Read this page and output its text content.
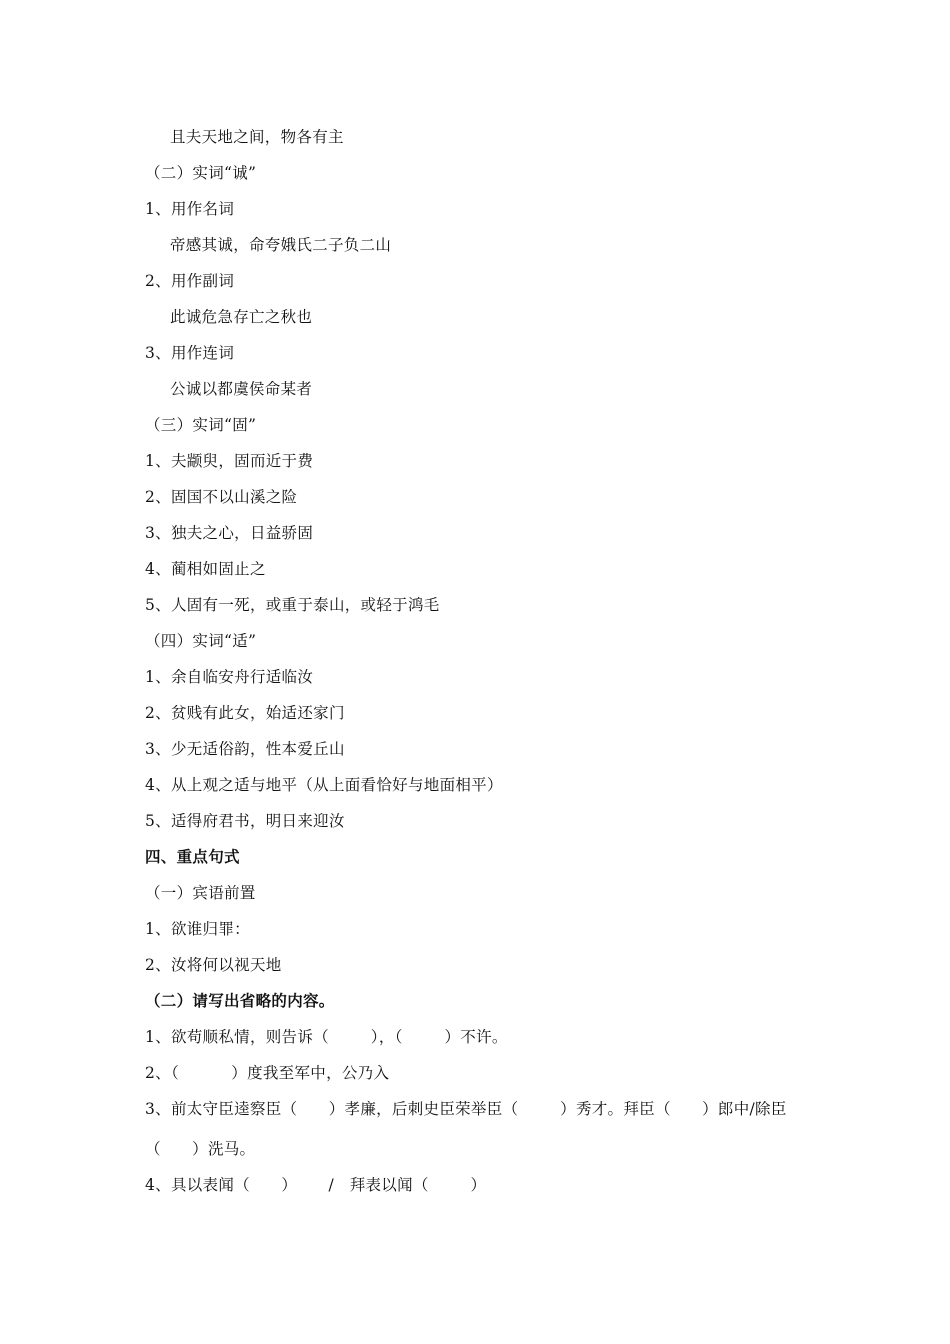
且夫天地之间，物各有主
（二）实词“诚”
1、用作名词
帝感其诚，命夸娥氏二子负二山
2、用作副词
此诚危急存亡之秋也
3、用作连词
公诚以都虞侯命某者
（三）实词“固”
1、夫颛臾，固而近于费
2、固国不以山溪之险
3、独夫之心，日益骄固
4、蔺相如固止之
5、人固有一死，或重于泰山，或轻于鸿毛
（四）实词“适”
1、余自临安舟行适临汝
2、贫贱有此女，始适还家门
3、少无适俗韵，性本爱丘山
4、从上观之适与地平（从上面看恰好与地面相平）
5、适得府君书，明日来迎汝
四、重点句式
（一）宾语前置
1、欲谁归罪：
2、汝将何以视天地
（二）请写出省略的内容。
1、欲苟顺私情，则告诉（        ），（        ）不许。
2、（          ）度我至军中，公乃入
3、前太守臣逵察臣（      ）孝廉，后刺史臣荣举臣（        ）秀才。拜臣（      ）郎中/除臣
（      ）洗马。
4、具以表闻（      ）      /   拜表以闻（        ）
